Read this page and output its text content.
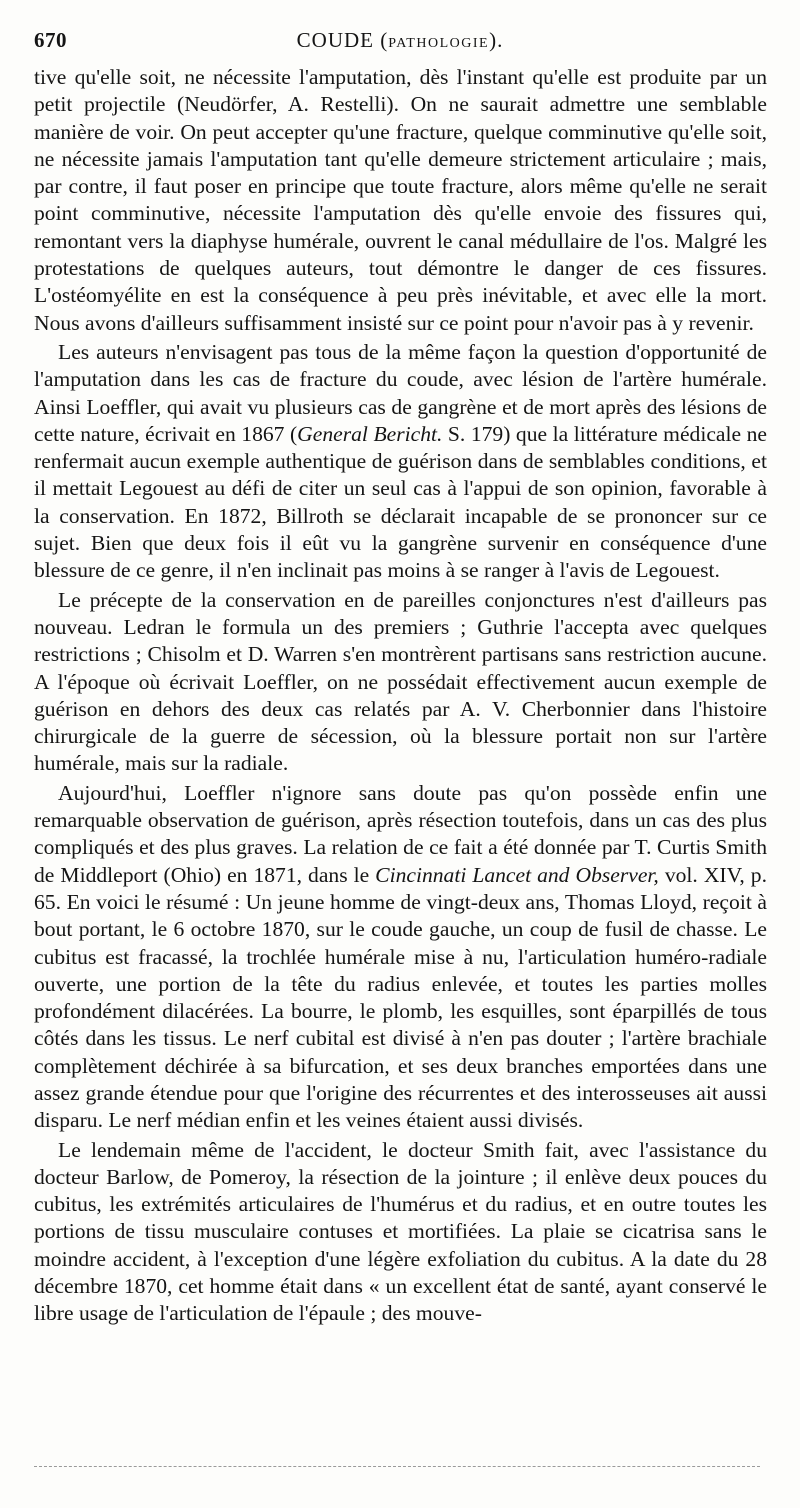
670	COUDE (PATHOLOGIE).

tive qu'elle soit, ne nécessite l'amputation, dès l'instant qu'elle est produite par un petit projectile (Neudörfer, A. Restelli). On ne saurait admettre une semblable manière de voir. On peut accepter qu'une fracture, quelque comminutive qu'elle soit, ne nécessite jamais l'amputation tant qu'elle demeure strictement articulaire ; mais, par contre, il faut poser en principe que toute fracture, alors même qu'elle ne serait point comminutive, nécessite l'amputation dès qu'elle envoie des fissures qui, remontant vers la diaphyse humérale, ouvrent le canal médullaire de l'os. Malgré les protestations de quelques auteurs, tout démontre le danger de ces fissures. L'ostéomyélite en est la conséquence à peu près inévitable, et avec elle la mort. Nous avons d'ailleurs suffisamment insisté sur ce point pour n'avoir pas à y revenir.

Les auteurs n'envisagent pas tous de la même façon la question d'opportunité de l'amputation dans les cas de fracture du coude, avec lésion de l'artère humérale. Ainsi Loeffler, qui avait vu plusieurs cas de gangrène et de mort après des lésions de cette nature, écrivait en 1867 (General Bericht. S. 179) que la littérature médicale ne renfermait aucun exemple authentique de guérison dans de semblables conditions, et il mettait Legouest au défi de citer un seul cas à l'appui de son opinion, favorable à la conservation. En 1872, Billroth se déclarait incapable de se prononcer sur ce sujet. Bien que deux fois il eût vu la gangrène survenir en conséquence d'une blessure de ce genre, il n'en inclinait pas moins à se ranger à l'avis de Legouest.

Le précepte de la conservation en de pareilles conjonctures n'est d'ailleurs pas nouveau. Ledran le formula un des premiers ; Guthrie l'accepta avec quelques restrictions ; Chisolm et D. Warren s'en montrèrent partisans sans restriction aucune. A l'époque où écrivait Loeffler, on ne possédait effectivement aucun exemple de guérison en dehors des deux cas relatés par A. V. Cherbonnier dans l'histoire chirurgicale de la guerre de sécession, où la blessure portait non sur l'artère humérale, mais sur la radiale.

Aujourd'hui, Loeffler n'ignore sans doute pas qu'on possède enfin une remarquable observation de guérison, après résection toutefois, dans un cas des plus compliqués et des plus graves. La relation de ce fait a été donnée par T. Curtis Smith de Middleport (Ohio) en 1871, dans le Cincinnati Lancet and Observer, vol. XIV, p. 65. En voici le résumé : Un jeune homme de vingt-deux ans, Thomas Lloyd, reçoit à bout portant, le 6 octobre 1870, sur le coude gauche, un coup de fusil de chasse. Le cubitus est fracassé, la trochlée humérale mise à nu, l'articulation huméro-radiale ouverte, une portion de la tête du radius enlevée, et toutes les parties molles profondément dilacérées. La bourre, le plomb, les esquilles, sont éparpillés de tous côtés dans les tissus. Le nerf cubital est divisé à n'en pas douter ; l'artère brachiale complètement déchirée à sa bifurcation, et ses deux branches emportées dans une assez grande étendue pour que l'origine des récurrentes et des interosseuses ait aussi disparu. Le nerf médian enfin et les veines étaient aussi divisés.

Le lendemain même de l'accident, le docteur Smith fait, avec l'assistance du docteur Barlow, de Pomeroy, la résection de la jointure ; il enlève deux pouces du cubitus, les extrémités articulaires de l'humérus et du radius, et en outre toutes les portions de tissu musculaire contuses et mortifiées. La plaie se cicatrisa sans le moindre accident, à l'exception d'une légère exfoliation du cubitus. A la date du 28 décembre 1870, cet homme était dans « un excellent état de santé, ayant conservé le libre usage de l'articulation de l'épaule ; des mouve-
